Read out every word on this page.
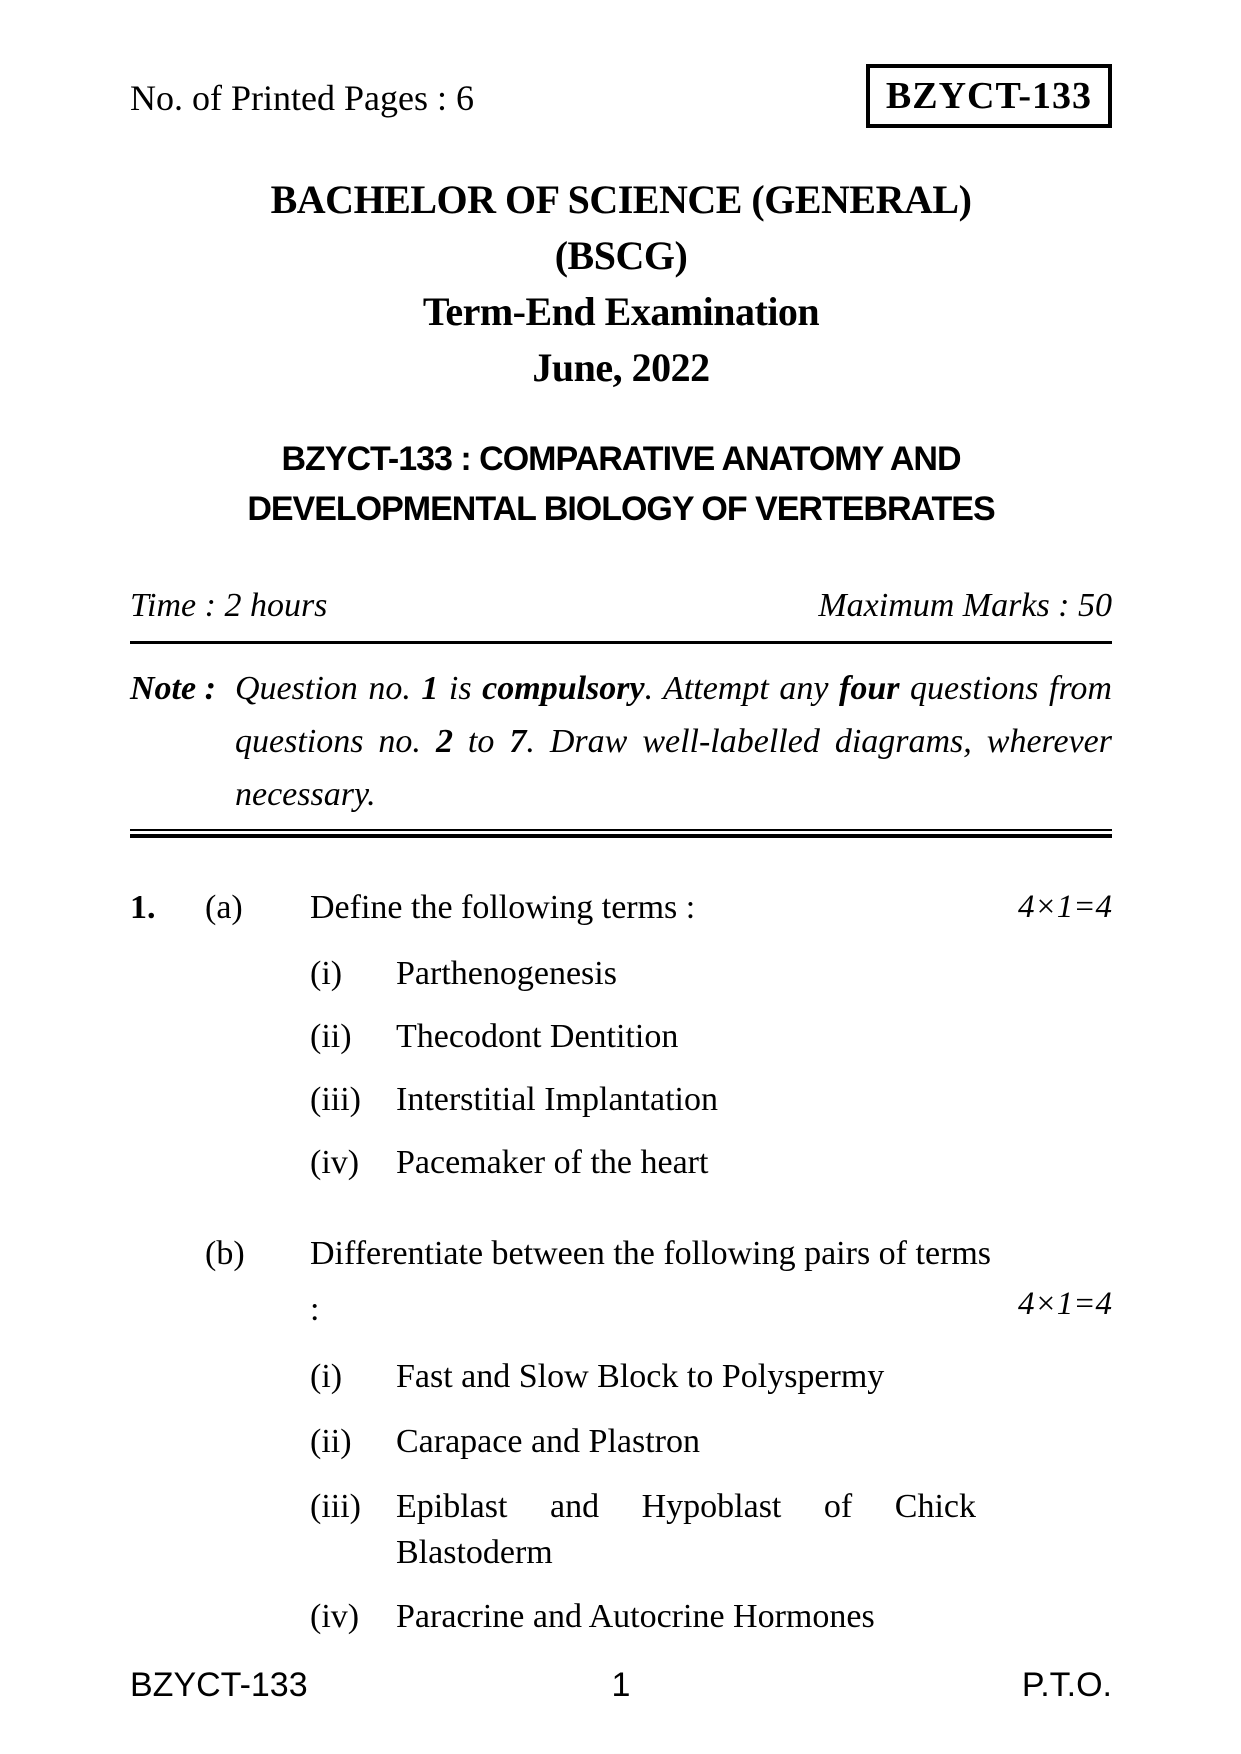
No. of Printed Pages : 6	BZYCT-133
BACHELOR OF SCIENCE (GENERAL)
(BSCG)
Term-End Examination
June, 2022
BZYCT-133 : COMPARATIVE ANATOMY AND
DEVELOPMENTAL BIOLOGY OF VERTEBRATES
Time : 2 hours	Maximum Marks : 50
Note : Question no. 1 is compulsory. Attempt any four questions from questions no. 2 to 7. Draw well-labelled diagrams, wherever necessary.
1.	(a)	Define the following terms :	4×1=4
(i)	Parthenogenesis
(ii)	Thecodont Dentition
(iii)	Interstitial Implantation
(iv)	Pacemaker of the heart
(b)	Differentiate between the following pairs of terms :	4×1=4
(i)	Fast and Slow Block to Polyspermy
(ii)	Carapace and Plastron
(iii)	Epiblast and Hypoblast of Chick Blastoderm
(iv)	Paracrine and Autocrine Hormones
BZYCT-133	1	P.T.O.
